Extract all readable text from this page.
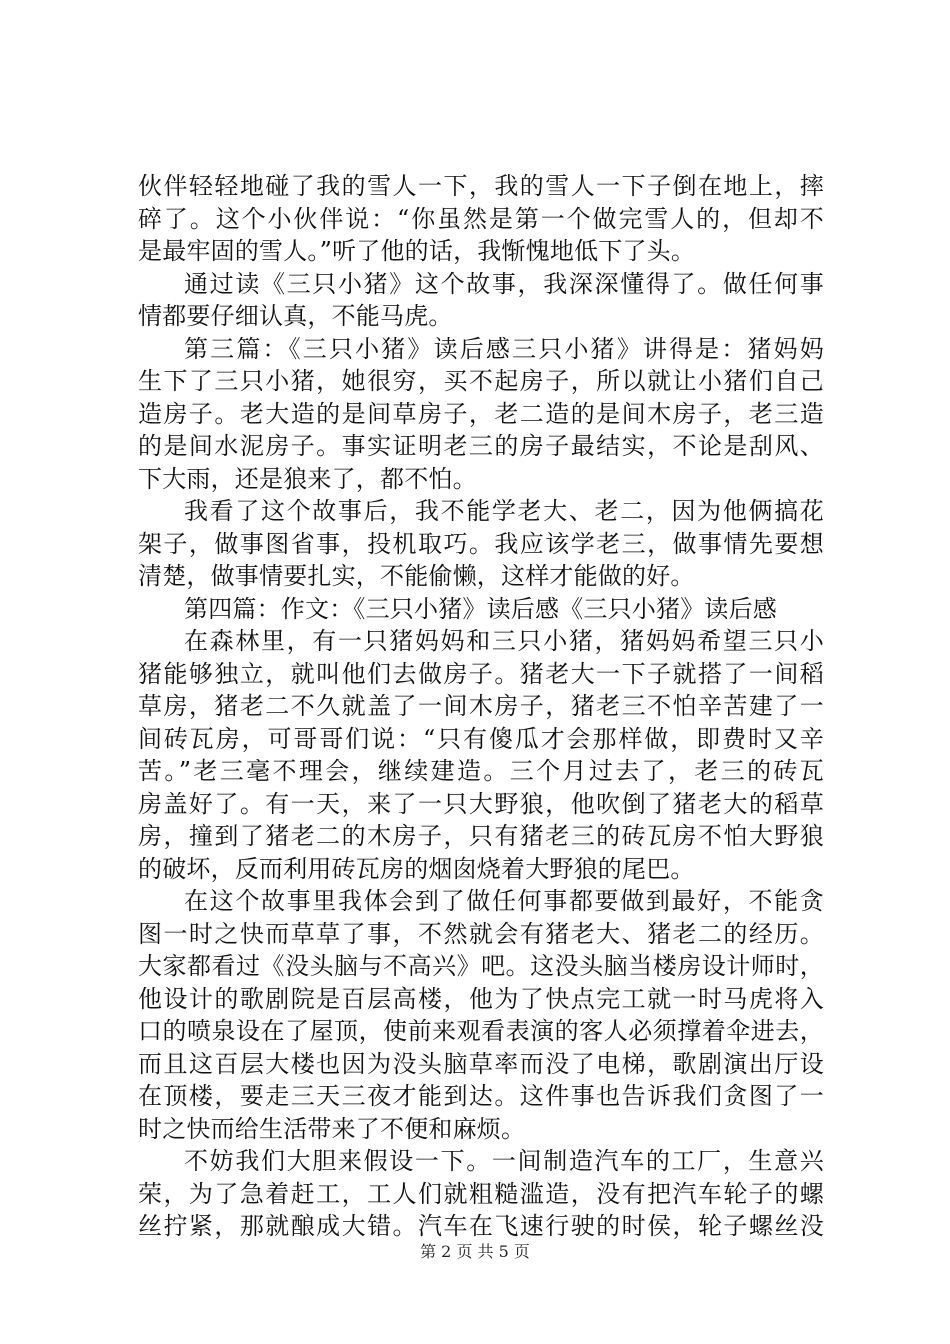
伙伴轻轻地碰了我的雪人一下，我的雪人一下子倒在地上，摔
碎了。这个小伙伴说：“你虽然是第一个做完雪人的，但却不
是最牢固的雪人。”听了他的话，我惭愧地低下了头。
通过读《三只小猪》这个故事，我深深懂得了。做任何事
情都要仔细认真，不能马虎。
第三篇：《三只小猪》读后感三只小猪》讲得是：猪妈妈
生下了三只小猪，她很穷，买不起房子，所以就让小猪们自己
造房子。老大造的是间草房子，老二造的是间木房子，老三造
的是间水泥房子。事实证明老三的房子最结实，不论是刮风、
下大雨，还是狼来了，都不怕。
我看了这个故事后，我不能学老大、老二，因为他俩搞花
架子，做事图省事，投机取巧。我应该学老三，做事情先要想
清楚，做事情要扎实，不能偷懒，这样才能做的好。
第四篇：作文：《三只小猪》读后感《三只小猪》读后感
在森林里，有一只猪妈妈和三只小猪，猪妈妈希望三只小
猪能够独立，就叫他们去做房子。猪老大一下子就搭了一间稻
草房，猪老二不久就盖了一间木房子，猪老三不怕辛苦建了一
间砖瓦房，可哥哥们说：“只有傻瓜才会那样做，即费时又辛
苦。”老三毫不理会，继续建造。三个月过去了，老三的砖瓦
房盖好了。有一天，来了一只大野狼，他吹倒了猪老大的稻草
房，撞到了猪老二的木房子，只有猪老三的砖瓦房不怕大野狼
的破坏，反而利用砖瓦房的烟囱烧着大野狼的尾巴。
在这个故事里我体会到了做任何事都要做到最好，不能贪
图一时之快而草草了事，不然就会有猪老大、猪老二的经历。
大家都看过《没头脑与不高兴》吧。这没头脑当楼房设计师时，
他设计的歌剧院是百层高楼，他为了快点完工就一时马虎将入
口的喷泉设在了屋顶，使前来观看表演的客人必须撑着伞进去，
而且这百层大楼也因为没头脑草率而没了电梯，歌剧演出厅设
在顶楼，要走三天三夜才能到达。这件事也告诉我们贪图了一
时之快而给生活带来了不便和麻烦。
不妨我们大胆来假设一下。一间制造汽车的工厂，生意兴
荣，为了急着赶工，工人们就粗糙滥造，没有把汽车轮子的螺
丝拧紧，那就酿成大错。汽车在飞速行驶的时侯，轮子螺丝没
第 2 页 共 5 页
